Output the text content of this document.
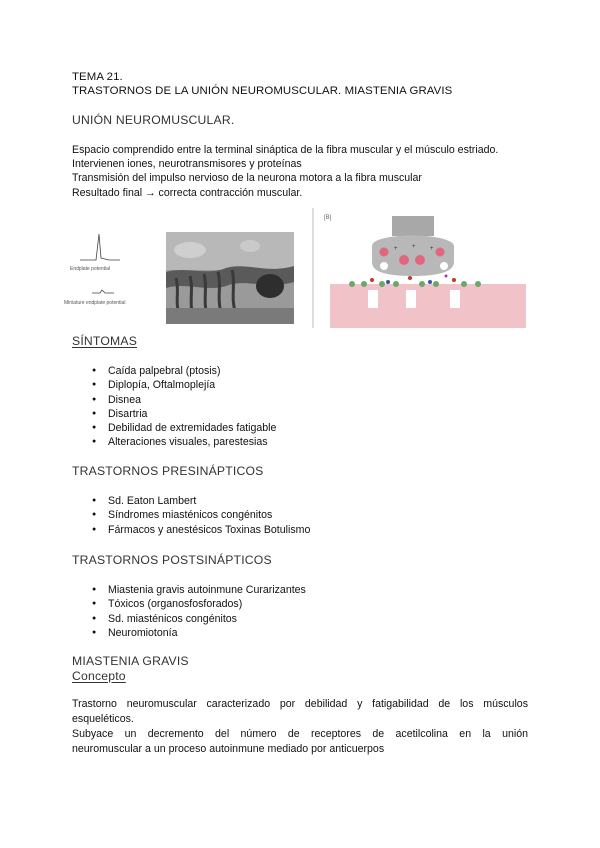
TEMA 21.
TRASTORNOS DE LA UNIÓN NEUROMUSCULAR. MIASTENIA GRAVIS
UNIÓN NEUROMUSCULAR.
Espacio comprendido entre la terminal sináptica de la fibra muscular y el músculo estriado.
Intervienen iones, neurotransmisores y proteínas
Transmisión del impulso nervioso de la neurona motora a la fibra muscular
Resultado final → correcta contracción muscular.
Endplate potential
Miniature endplate potential
[B]
+ + +
SÍNTOMAS
● Caída palpebral (ptosis)
● Diplopía, Oftalmoplejía
● Disnea
● Disartria
● Debilidad de extremidades fatigable
● Alteraciones visuales, parestesias
TRASTORNOS PRESINÁPTICOS
● Sd. Eaton Lambert
● Síndromes miasténicos congénitos
● Fármacos y anestésicos Toxinas Botulismo
TRASTORNOS POSTSINÁPTICOS
● Miastenia gravis autoinmune Curarizantes
● Tóxicos (organosfosforados)
● Sd. miasténicos congénitos
● Neuromiotonía
MIASTENIA GRAVIS
Concepto
Trastorno neuromuscular caracterizado por debilidad y fatigabilidad de los músculos
esqueléticos.
Subyace un decremento del número de receptores de acetilcolina en la unión
neuromuscular a un proceso autoinmune mediado por anticuerpos
